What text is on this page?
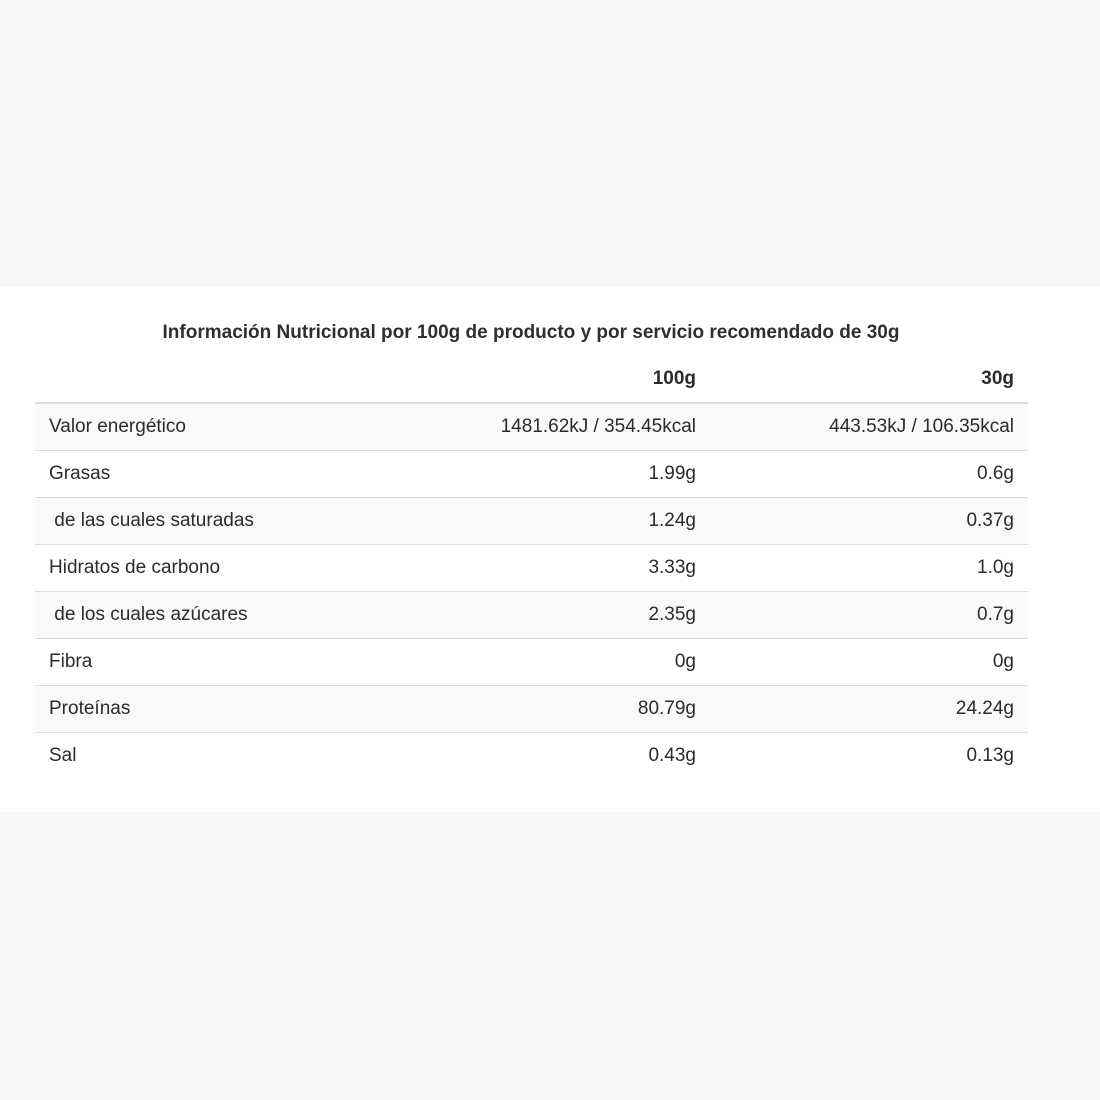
Información Nutricional por 100g de producto y por servicio recomendado de 30g
	100g	30g
Valor energético	1481.62kJ / 354.45kcal	443.53kJ / 106.35kcal
Grasas	1.99g	0.6g
de las cuales saturadas	1.24g	0.37g
Hidratos de carbono	3.33g	1.0g
de los cuales azúcares	2.35g	0.7g
Fibra	0g	0g
Proteínas	80.79g	24.24g
Sal	0.43g	0.13g
